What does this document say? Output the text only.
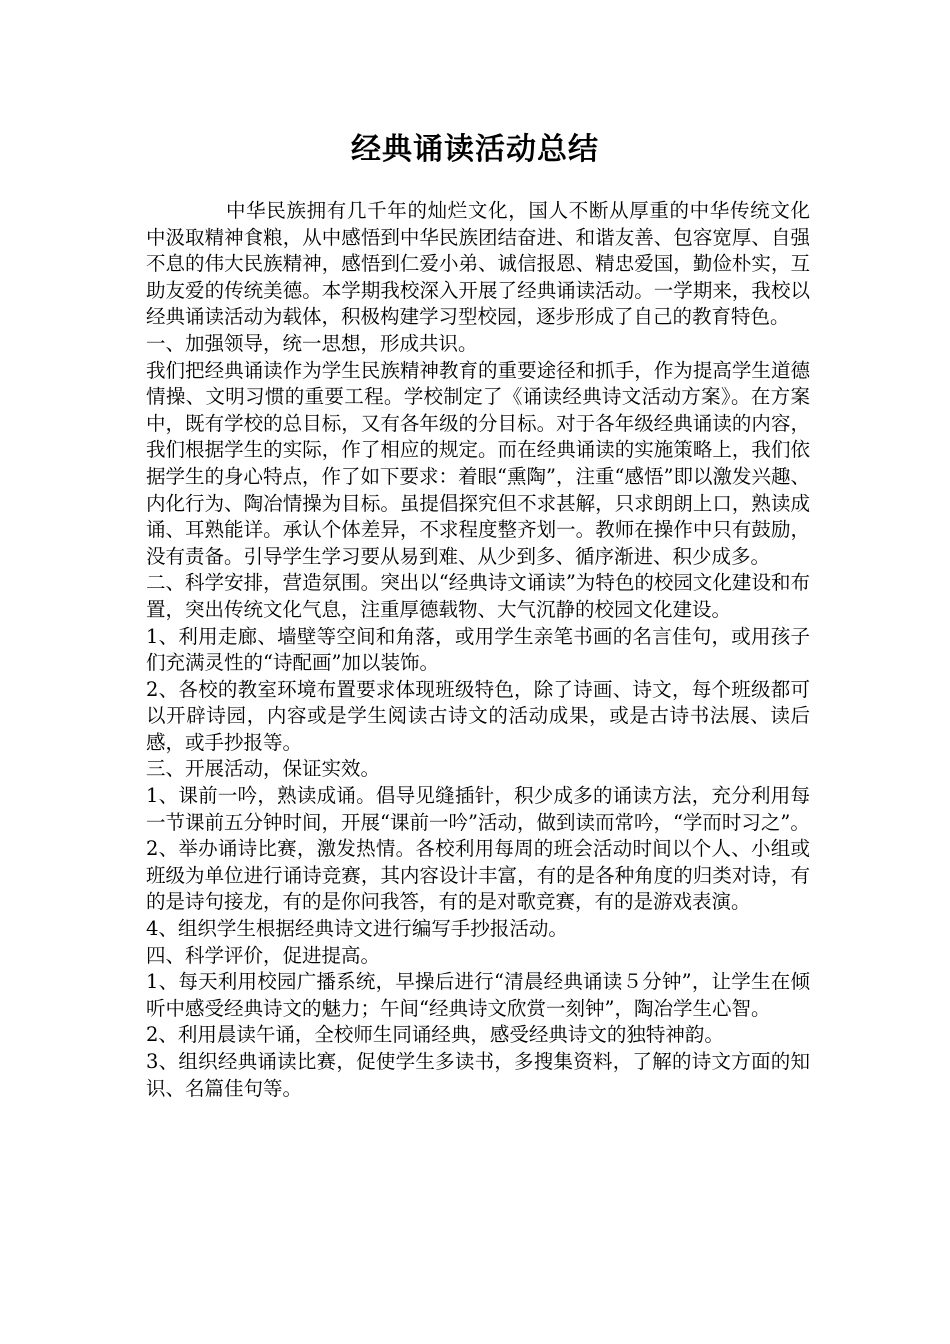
经典诵读活动总结

中华民族拥有几千年的灿烂文化，国人不断从厚重的中华传统文化中汲取精神食粮，从中感悟到中华民族团结奋进、和谐友善、包容宽厚、自强不息的伟大民族精神，感悟到仁爱小弟、诚信报恩、精忠爱国，勤俭朴实，互助友爱的传统美德。本学期我校深入开展了经典诵读活动。一学期来，我校以经典诵读活动为载体，积极构建学习型校园，逐步形成了自己的教育特色。

一、加强领导，统一思想，形成共识。

我们把经典诵读作为学生民族精神教育的重要途径和抓手，作为提高学生道德情操、文明习惯的重要工程。学校制定了《诵读经典诗文活动方案》。在方案中，既有学校的总目标，又有各年级的分目标。对于各年级经典诵读的内容，我们根据学生的实际，作了相应的规定。而在经典诵读的实施策略上，我们依据学生的身心特点，作了如下要求：着眼“熏陶”，注重“感悟”即以激发兴趣、内化行为、陶冶情操为目标。虽提倡探究但不求甚解，只求朗朗上口，熟读成诵、耳熟能详。承认个体差异，不求程度整齐划一。教师在操作中只有鼓励，没有责备。引导学生学习要从易到难、从少到多、循序渐进、积少成多。

二、科学安排，营造氛围。突出以“经典诗文诵读”为特色的校园文化建设和布置，突出传统文化气息，注重厚德载物、大气沉静的校园文化建设。

1、利用走廊、墙壁等空间和角落，或用学生亲笔书画的名言佳句，或用孩子们充满灵性的“诗配画”加以装饰。

2、各校的教室环境布置要求体现班级特色，除了诗画、诗文，每个班级都可以开辟诗园，内容或是学生阅读古诗文的活动成果，或是古诗书法展、读后感，或手抄报等。

三、开展活动，保证实效。

1、课前一吟，熟读成诵。倡导见缝插针，积少成多的诵读方法，充分利用每一节课前五分钟时间，开展“课前一吟”活动，做到读而常吟，“学而时习之”。

2、举办诵诗比赛，激发热情。各校利用每周的班会活动时间以个人、小组或班级为单位进行诵诗竞赛，其内容设计丰富，有的是各种角度的归类对诗，有的是诗句接龙，有的是你问我答，有的是对歌竞赛，有的是游戏表演。

4、组织学生根据经典诗文进行编写手抄报活动。

四、科学评价，促进提高。

1、每天利用校园广播系统，早操后进行“清晨经典诵读５分钟”，让学生在倾听中感受经典诗文的魅力；午间“经典诗文欣赏一刻钟”，陶冶学生心智。

2、利用晨读午诵，全校师生同诵经典，感受经典诗文的独特神韵。

3、组织经典诵读比赛，促使学生多读书，多搜集资料，了解的诗文方面的知识、名篇佳句等。
